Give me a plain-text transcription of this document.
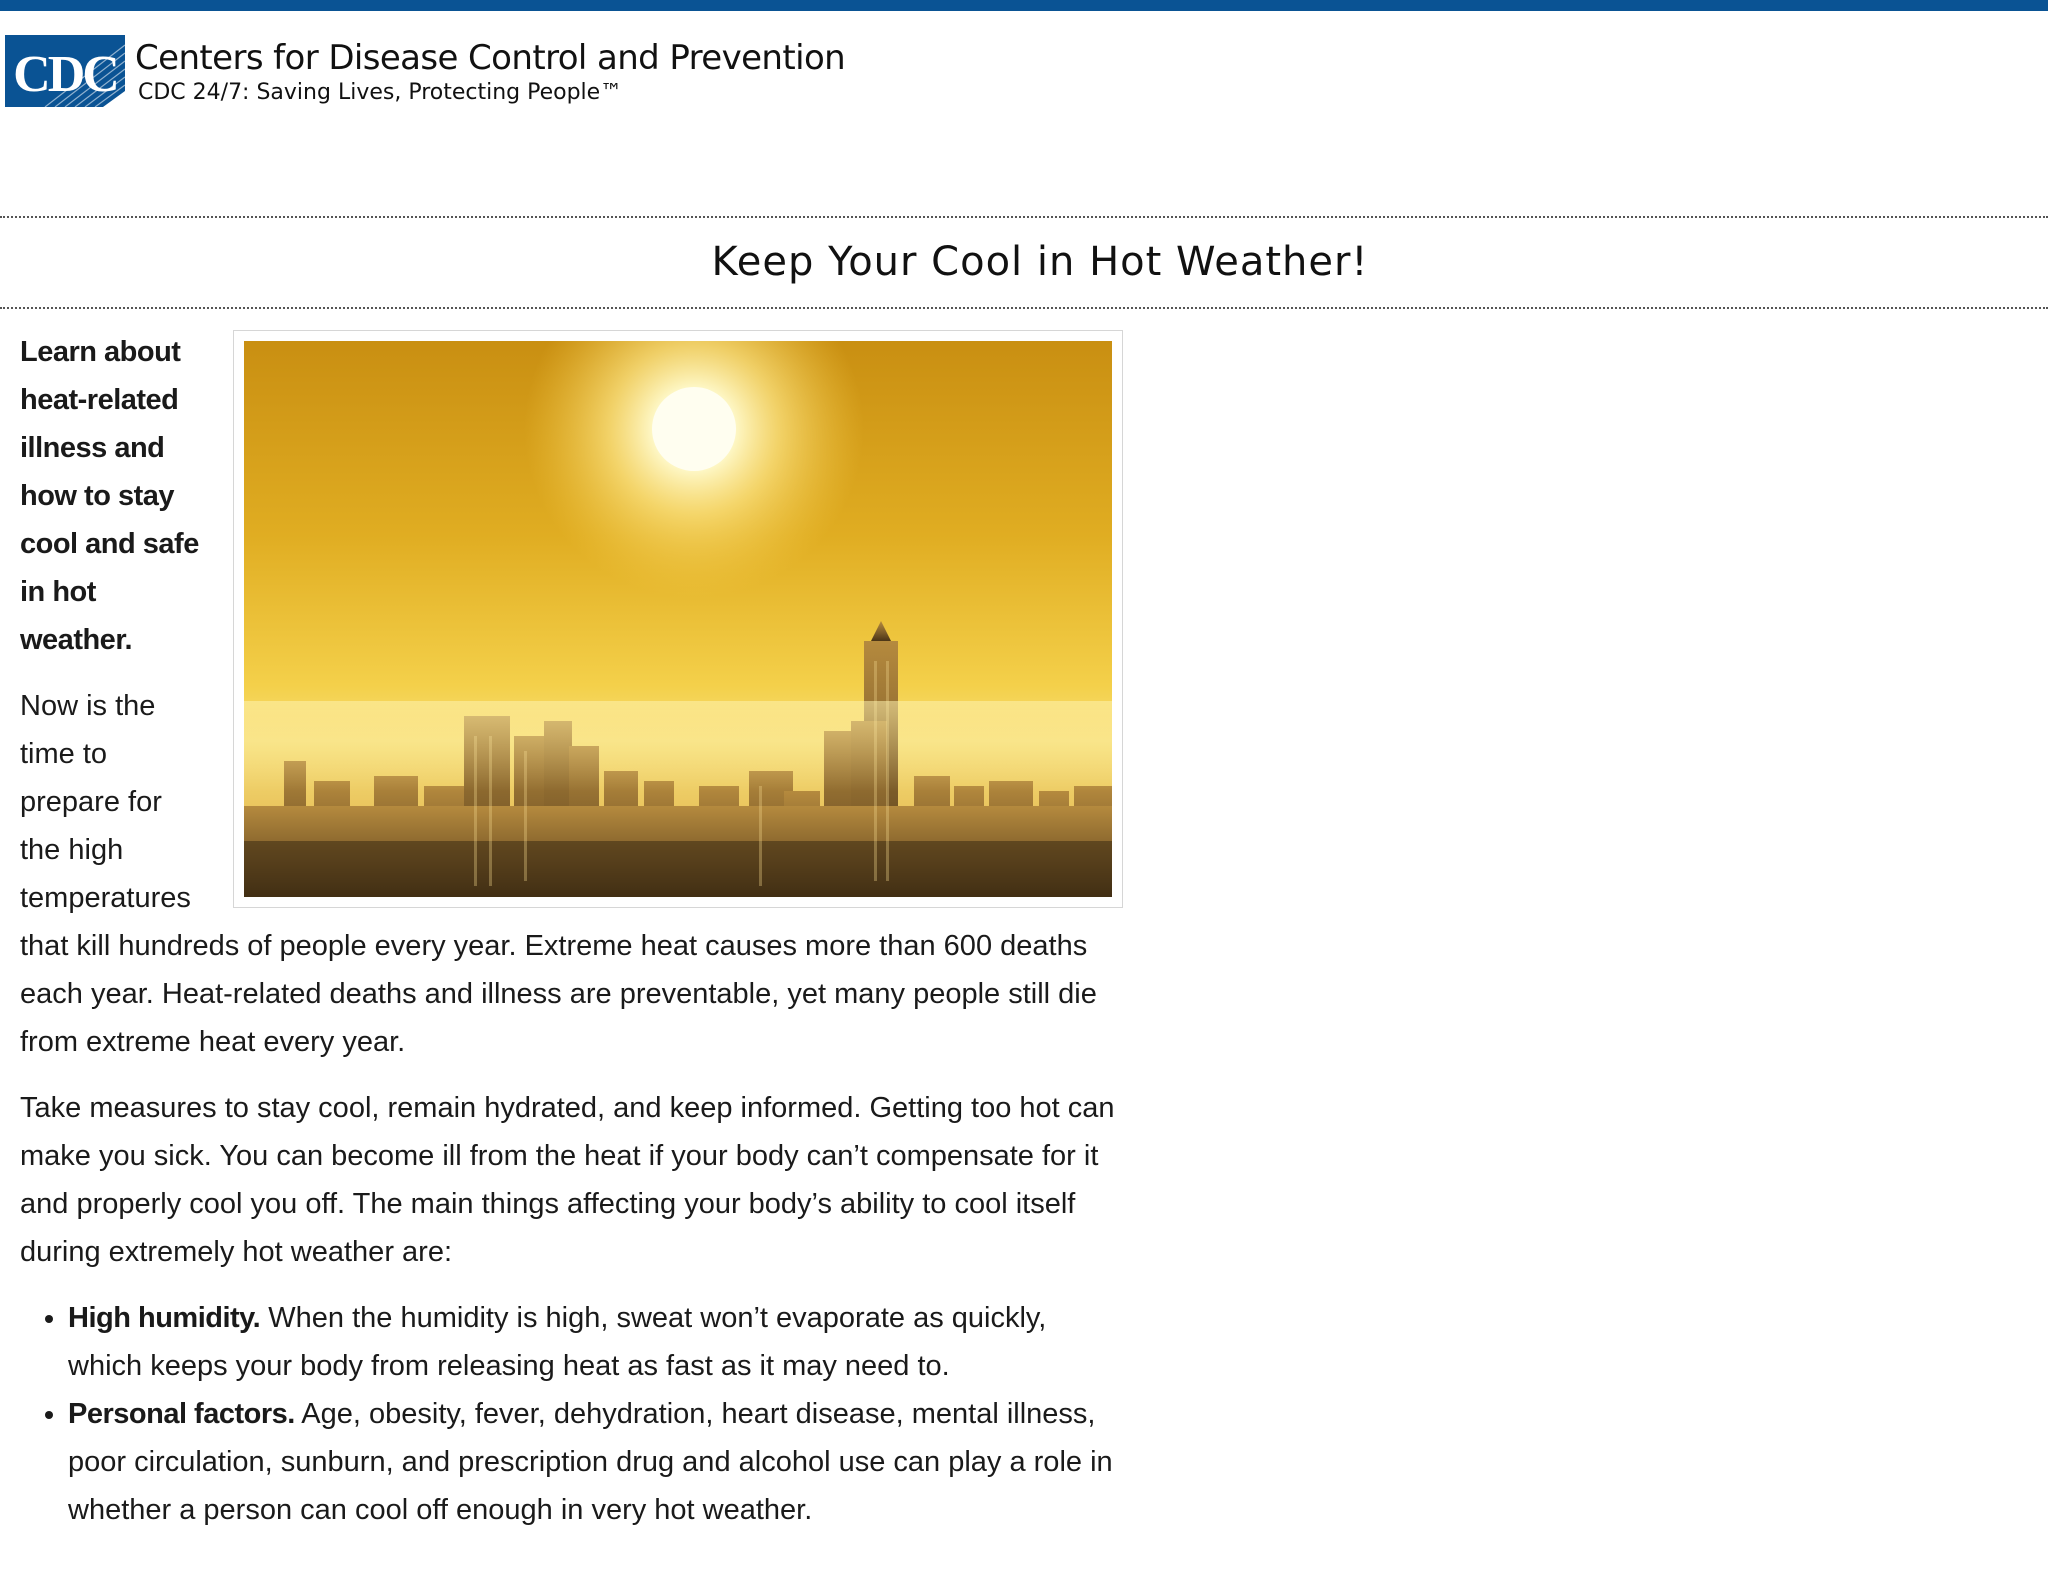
CDC Centers for Disease Control and Prevention
CDC 24/7: Saving Lives, Protecting People™
Keep Your Cool in Hot Weather!

Learn about heat-related illness and how to stay cool and safe in hot weather.

Now is the time to prepare for the high temperatures that kill hundreds of people every year. Extreme heat causes more than 600 deaths each year. Heat-related deaths and illness are preventable, yet many people still die from extreme heat every year.

Take measures to stay cool, remain hydrated, and keep informed. Getting too hot can make you sick. You can become ill from the heat if your body can’t compensate for it and properly cool you off. The main things affecting your body’s ability to cool itself during extremely hot weather are:

• High humidity. When the humidity is high, sweat won’t evaporate as quickly, which keeps your body from releasing heat as fast as it may need to.
• Personal factors. Age, obesity, fever, dehydration, heart disease, mental illness, poor circulation, sunburn, and prescription drug and alcohol use can play a role in whether a person can cool off enough in very hot weather.
